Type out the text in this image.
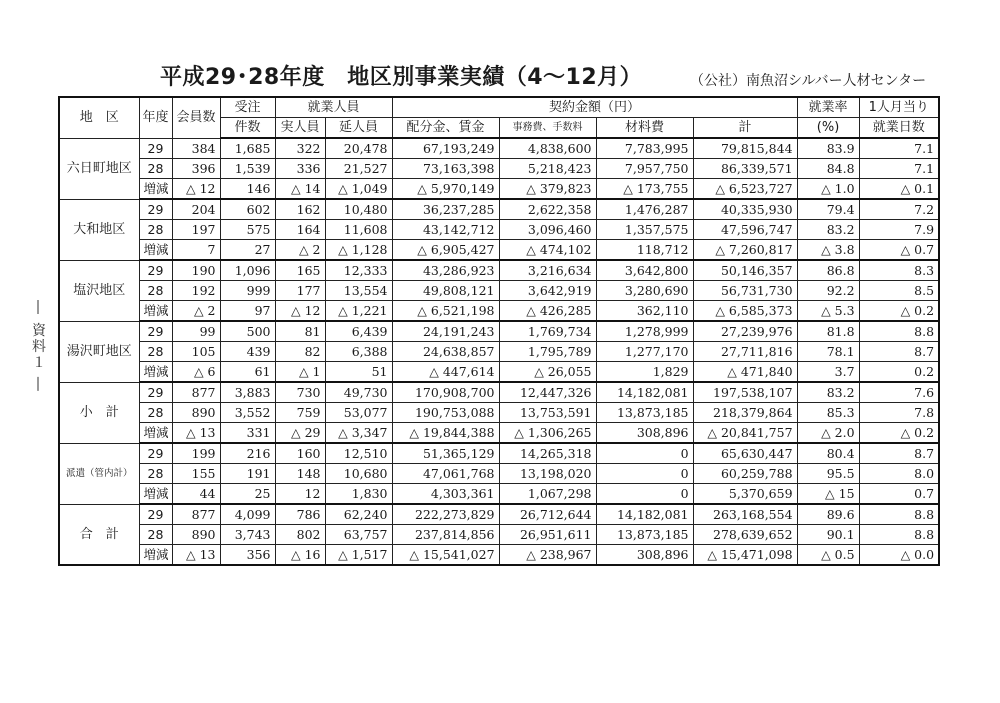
平成29･28年度　地区別事業実績（4～12月）	（公社）南魚沼シルバー人材センター
― 資料１ ―
地　区	年度	会員数	受注	就業人員		契約金額（円）				就業率	1人月当り
			件数	実人員	延人員	配分金、賃金	事務費、手数料	材料費	計	(%)	就業日数
六日町地区	29	384	1,685	322	20,478	67,193,249	4,838,600	7,783,995	79,815,844	83.9	7.1
	28	396	1,539	336	21,527	73,163,398	5,218,423	7,957,750	86,339,571	84.8	7.1
	増減	△ 12	146	△ 14	△ 1,049	△ 5,970,149	△ 379,823	△ 173,755	△ 6,523,727	△ 1.0	△ 0.1
大和地区	29	204	602	162	10,480	36,237,285	2,622,358	1,476,287	40,335,930	79.4	7.2
	28	197	575	164	11,608	43,142,712	3,096,460	1,357,575	47,596,747	83.2	7.9
	増減	7	27	△ 2	△ 1,128	△ 6,905,427	△ 474,102	118,712	△ 7,260,817	△ 3.8	△ 0.7
塩沢地区	29	190	1,096	165	12,333	43,286,923	3,216,634	3,642,800	50,146,357	86.8	8.3
	28	192	999	177	13,554	49,808,121	3,642,919	3,280,690	56,731,730	92.2	8.5
	増減	△ 2	97	△ 12	△ 1,221	△ 6,521,198	△ 426,285	362,110	△ 6,585,373	△ 5.3	△ 0.2
湯沢町地区	29	99	500	81	6,439	24,191,243	1,769,734	1,278,999	27,239,976	81.8	8.8
	28	105	439	82	6,388	24,638,857	1,795,789	1,277,170	27,711,816	78.1	8.7
	増減	△ 6	61	△ 1	51	△ 447,614	△ 26,055	1,829	△ 471,840	3.7	0.2
小　計	29	877	3,883	730	49,730	170,908,700	12,447,326	14,182,081	197,538,107	83.2	7.6
	28	890	3,552	759	53,077	190,753,088	13,753,591	13,873,185	218,379,864	85.3	7.8
	増減	△ 13	331	△ 29	△ 3,347	△ 19,844,388	△ 1,306,265	308,896	△ 20,841,757	△ 2.0	△ 0.2
派遣（管内計）	29	199	216	160	12,510	51,365,129	14,265,318	0	65,630,447	80.4	8.7
	28	155	191	148	10,680	47,061,768	13,198,020	0	60,259,788	95.5	8.0
	増減	44	25	12	1,830	4,303,361	1,067,298	0	5,370,659	△ 15	0.7
合　計	29	877	4,099	786	62,240	222,273,829	26,712,644	14,182,081	263,168,554	89.6	8.8
	28	890	3,743	802	63,757	237,814,856	26,951,611	13,873,185	278,639,652	90.1	8.8
	増減	△ 13	356	△ 16	△ 1,517	△ 15,541,027	△ 238,967	308,896	△ 15,471,098	△ 0.5	△ 0.0
